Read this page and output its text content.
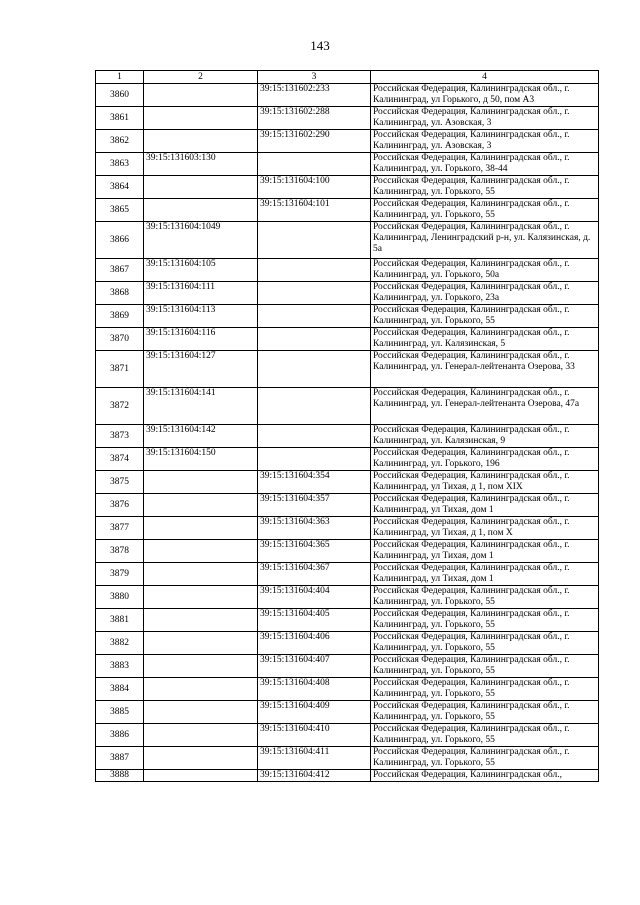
143
1	2	3	4
3860		39:15:131602:233	Российская Федерация, Калининградская обл., г. Калининград, ул Горького, д 50, пом А3
3861		39:15:131602:288	Российская Федерация, Калининградская обл., г. Калининград, ул. Азовская, 3
3862		39:15:131602:290	Российская Федерация, Калининградская обл., г. Калининград, ул. Азовская, 3
3863	39:15:131603:130		Российская Федерация, Калининградская обл., г. Калининград, ул. Горького, 38-44
3864		39:15:131604:100	Российская Федерация, Калининградская обл., г. Калининград, ул. Горького, 55
3865		39:15:131604:101	Российская Федерация, Калининградская обл., г. Калининград, ул. Горького, 55
3866	39:15:131604:1049		Российская Федерация, Калининградская обл., г. Калининград, Ленинградский р-н, ул. Калязинская, д. 5а
3867	39:15:131604:105		Российская Федерация, Калининградская обл., г. Калининград, ул. Горького, 50а
3868	39:15:131604:111		Российская Федерация, Калининградская обл., г. Калининград, ул. Горького, 23а
3869	39:15:131604:113		Российская Федерация, Калининградская обл., г. Калининград, ул. Горького, 55
3870	39:15:131604:116		Российская Федерация, Калининградская обл., г. Калининград, ул. Калязинская, 5
3871	39:15:131604:127		Российская Федерация, Калининградская обл., г. Калининград, ул. Генерал-лейтенанта Озерова, 33
3872	39:15:131604:141		Российская Федерация, Калининградская обл., г. Калининград, ул. Генерал-лейтенанта Озерова, 47а
3873	39:15:131604:142		Российская Федерация, Калининградская обл., г. Калининград, ул. Калязинская, 9
3874	39:15:131604:150		Российская Федерация, Калининградская обл., г. Калининград, ул. Горького, 196
3875		39:15:131604:354	Российская Федерация, Калининградская обл., г. Калининград, ул Тихая, д 1, пом XIX
3876		39:15:131604:357	Российская Федерация, Калининградская обл., г. Калининград, ул Тихая, дом 1
3877		39:15:131604:363	Российская Федерация, Калининградская обл., г. Калининград, ул Тихая, д 1, пом X
3878		39:15:131604:365	Российская Федерация, Калининградская обл., г. Калининград, ул Тихая, дом 1
3879		39:15:131604:367	Российская Федерация, Калининградская обл., г. Калининград, ул Тихая, дом 1
3880		39:15:131604:404	Российская Федерация, Калининградская обл., г. Калининград, ул. Горького, 55
3881		39:15:131604:405	Российская Федерация, Калининградская обл., г. Калининград, ул. Горького, 55
3882		39:15:131604:406	Российская Федерация, Калининградская обл., г. Калининград, ул. Горького, 55
3883		39:15:131604:407	Российская Федерация, Калининградская обл., г. Калининград, ул. Горького, 55
3884		39:15:131604:408	Российская Федерация, Калининградская обл., г. Калининград, ул. Горького, 55
3885		39:15:131604:409	Российская Федерация, Калининградская обл., г. Калининград, ул. Горького, 55
3886		39:15:131604:410	Российская Федерация, Калининградская обл., г. Калининград, ул. Горького, 55
3887		39:15:131604:411	Российская Федерация, Калининградская обл., г. Калининград, ул. Горького, 55
3888		39:15:131604:412	Российская Федерация, Калининградская обл.,
